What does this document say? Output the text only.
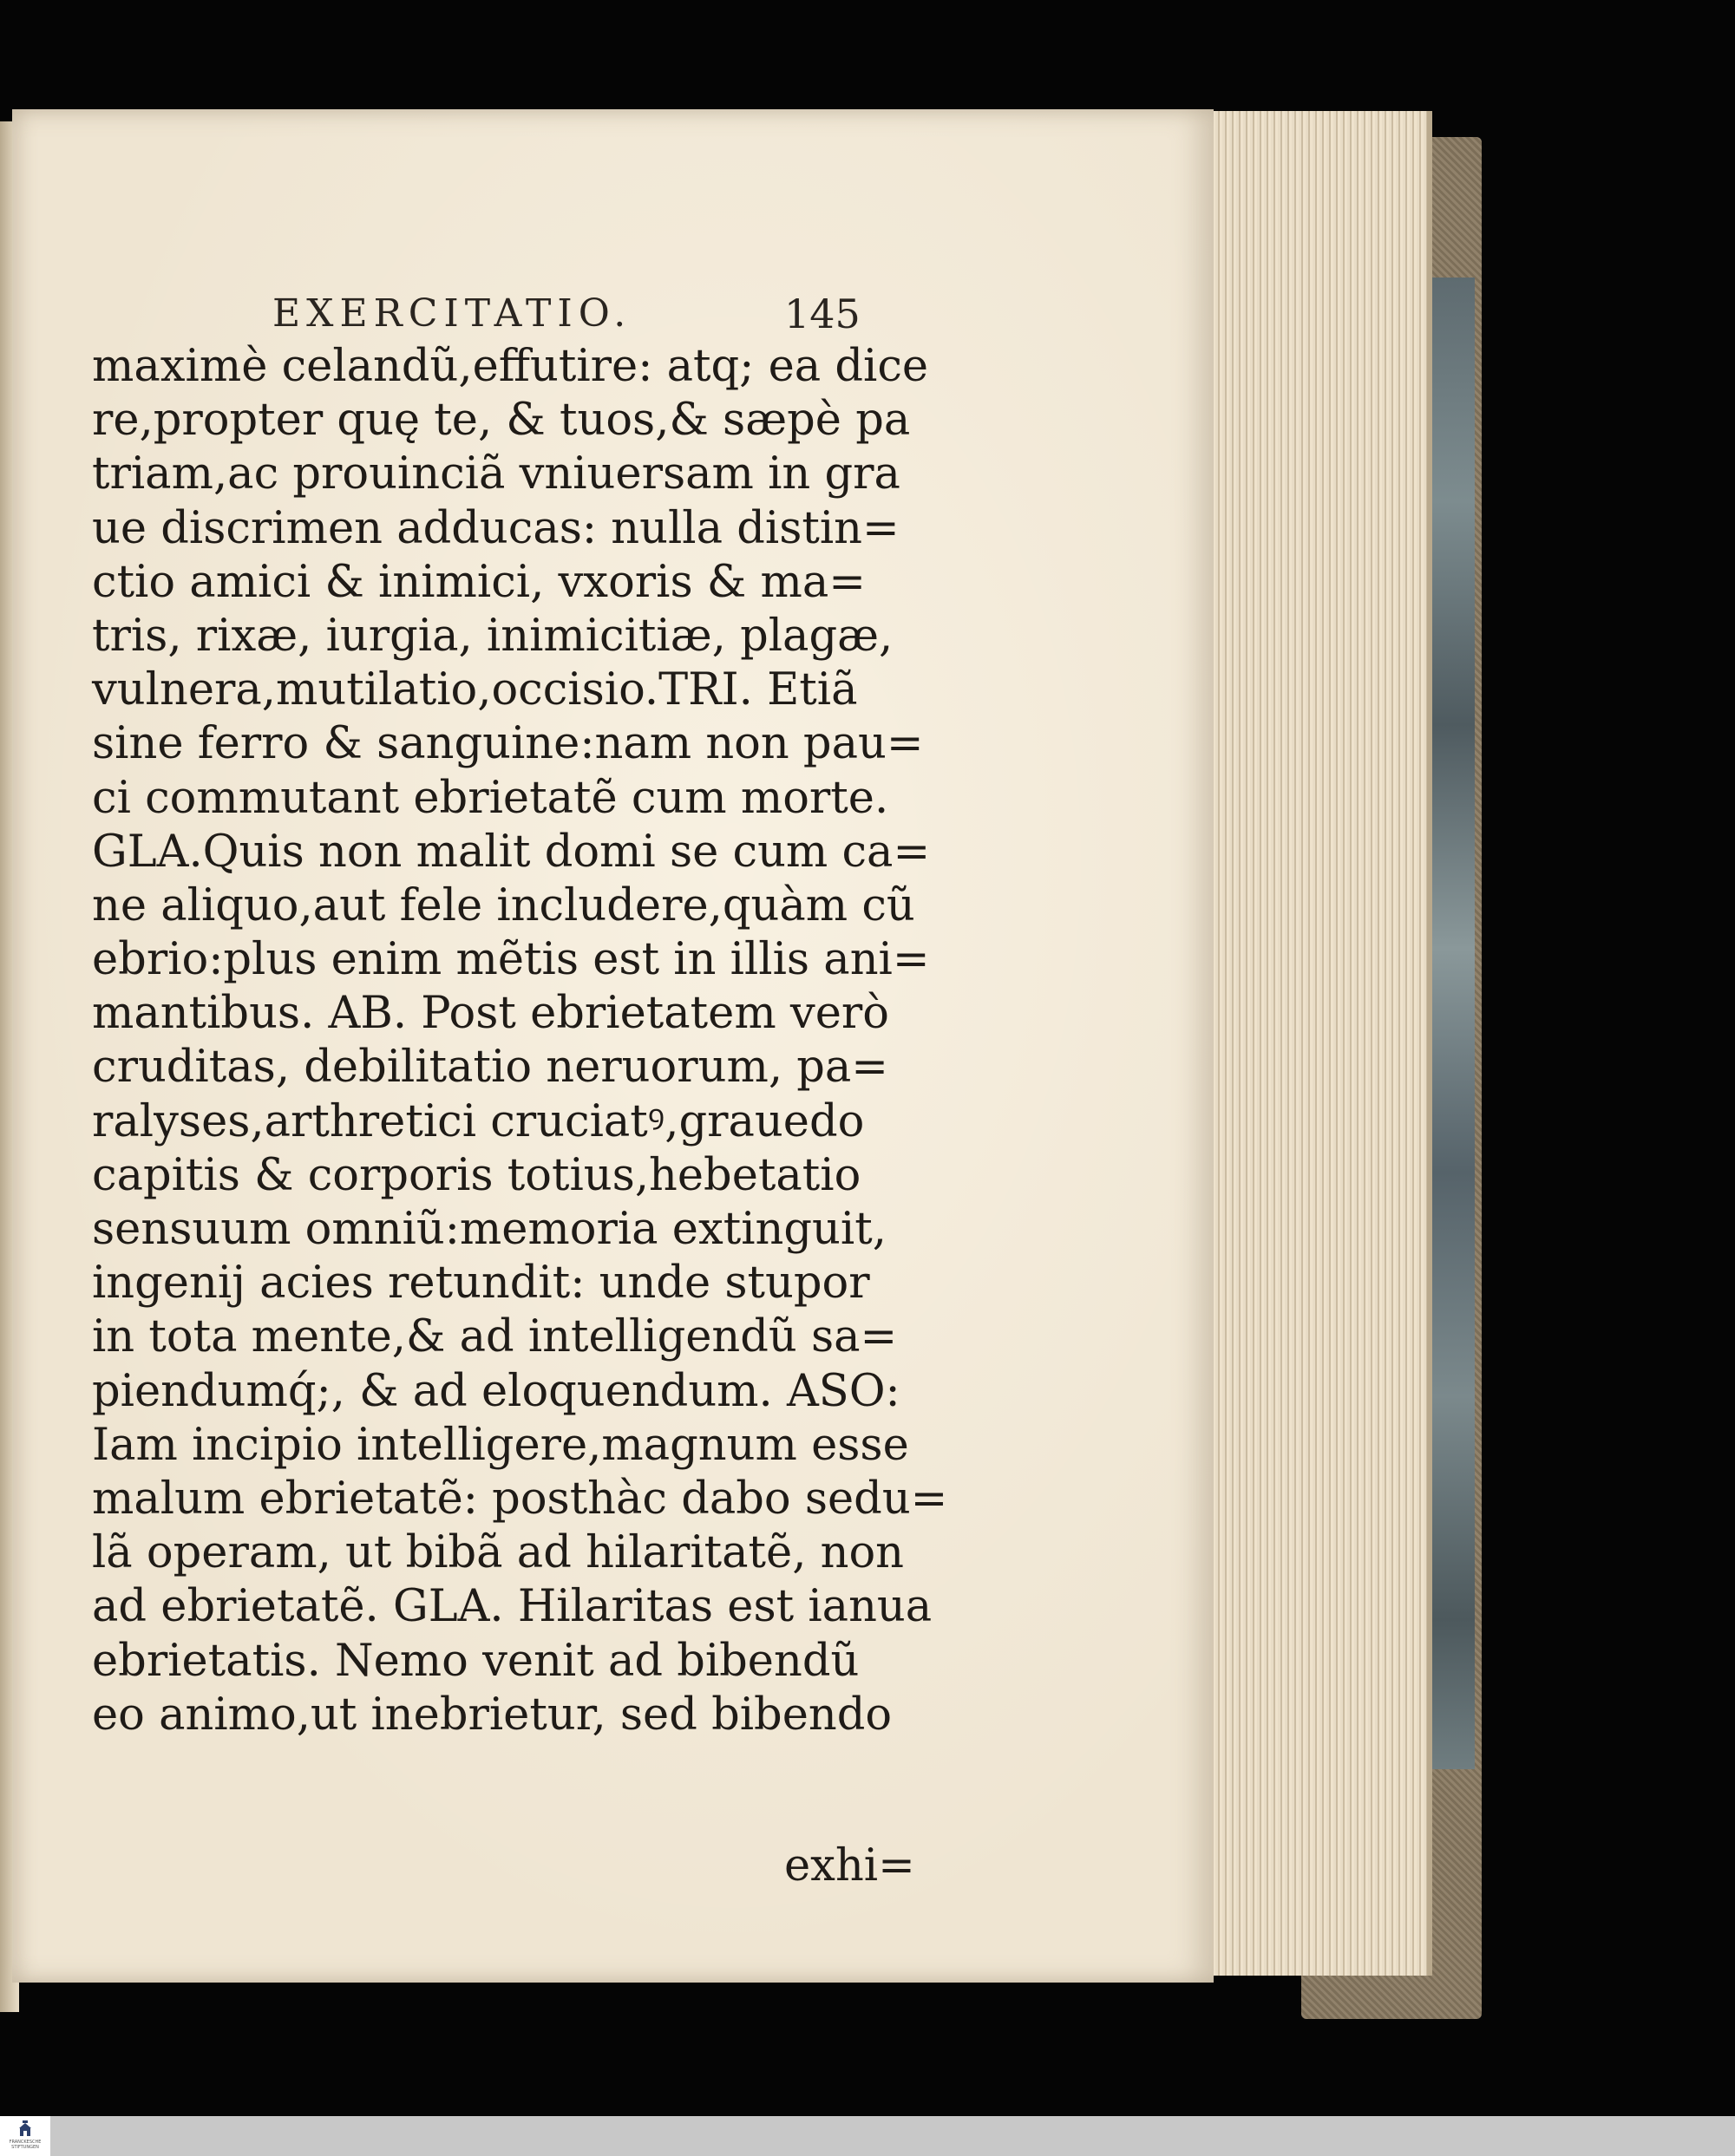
EXERCITATIO.	145
maximè celandũ,effutire: atq; ea dice
re,propter quę te, & tuos,& sæpè pa
triam,ac prouinciã vniuersam in gra
ue discrimen adducas: nulla distin=
ctio amici & inimici, vxoris & ma=
tris, rixæ, iurgia, inimicitiæ, plagæ,
vulnera,mutilatio,occisio.TRI. Etiã
sine ferro & sanguine:nam non pau=
ci commutant ebrietatẽ cum morte.
GLA.Quis non malit domi se cum ca=
ne aliquo,aut fele includere,quàm cũ
ebrio:plus enim mẽtis est in illis ani=
mantibus. AB. Post ebrietatem verò
cruditas, debilitatio neruorum, pa=
ralyses,arthretici cruciatꝰ,grauedo
capitis & corporis totius,hebetatio
sensuum omniũ:memoria extinguit,
ingenij acies retundit: unde stupor
in tota mente,& ad intelligendũ sa=
piendumq́;, & ad eloquendum. ASO:
Iam incipio intelligere,magnum esse
malum ebrietatẽ: posthàc dabo sedu=
lã operam, ut bibã ad hilaritatẽ, non
ad ebrietatẽ. GLA. Hilaritas est ianua
ebrietatis. Nemo venit ad bibendũ
eo animo,ut inebrietur, sed bibendo
exhi=
FRANCKESCHE STIFTUNGEN
